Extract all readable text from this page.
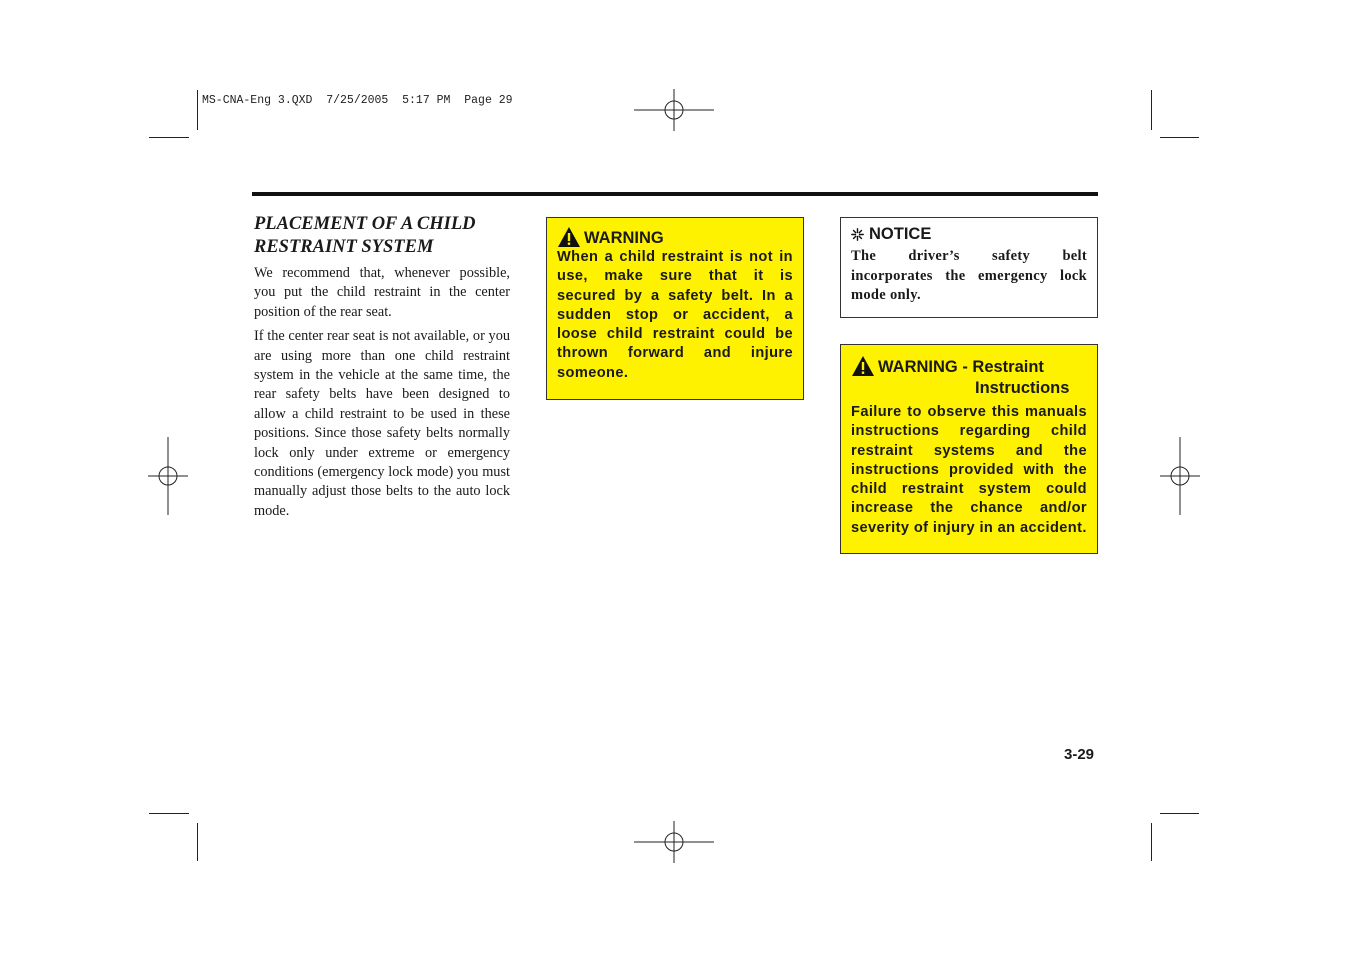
MS-CNA-Eng 3.QXD  7/25/2005  5:17 PM  Page 29
PLACEMENT OF A CHILD
RESTRAINT SYSTEM

We recommend that, whenever possible, you put the child restraint in the center position of the rear seat.

If the center rear seat is not available, or you are using more than one child restraint system in the vehicle at the same time, the rear safety belts have been designed to allow a child restraint to be used in these positions. Since those safety belts normally lock only under extreme or emergency conditions (emergency lock mode) you must manually adjust those belts to the auto lock mode.

WARNING
When a child restraint is not in use, make sure that it is secured by a safety belt. In a sudden stop or accident, a loose child restraint could be thrown forward and injure someone.
NOTICE
The driver’s safety belt incorporates the emergency lock mode only.
WARNING - Restraint
Instructions
Failure to observe this manuals instructions regarding child restraint systems and the instructions provided with the child restraint system could increase the chance and/or severity of injury in an accident.
3-29
